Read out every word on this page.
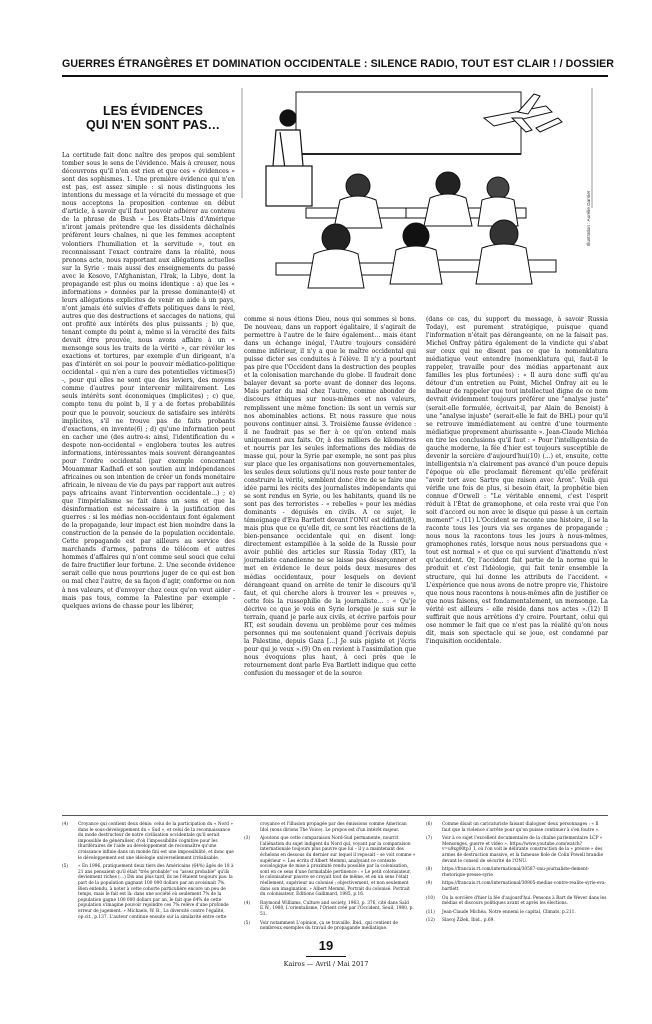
GUERRES ÉTRANGÈRES ET DOMINATION OCCIDENTALE : SILENCE RADIO, TOUT EST CLAIR ! / DOSSIER
LES ÉVIDENCES
QUI N'EN SONT PAS…
Illustration : Aurélie Garnier

La certitude fait donc naître des propos qui semblent tomber sous le sens de l'évidence. Mais à creuser, nous découvrons qu'il n'en est rien et que ces « évidences » sont des sophismes. 1. Une première évidence qui n'en est pas, est assez simple : si nous distinguons les intentions du message et la véracité du message et que nous acceptons la proposition contenue en début d'article, à savoir qu'il faut pouvoir adhérer au contenu de la phrase de Bush « Les États-Unis d'Amérique n'iront jamais prétendre que les dissidents déchaînés préfèrent leurs chaînes, ni que les femmes acceptent volontiers l'humiliation et la servitude », tout en reconnaissant l'exact contraire dans la réalité, nous prenons acte, nous rapportant aux allégations actuelles sur la Syrie - mais aussi des enseignements du passé avec le Kosovo, l'Afghanistan, l'Irak, la Libye, dont la propagande est plus ou moins identique : a) que les « informations » données par la presse dominante(4) et leurs allégations explicites de venir en aide à un pays, n'ont jamais été suivies d'effets politiques dans le réel, autres que des destructions et saccages de nations, qui ont profité aux intérêts des plus puissants ; b) que, tenant compte du point a, même si la véracité des faits devait être prouvée, nous avons affaire à un « mensonge sous les traits de la vérité », car révéler les exactions et tortures, par exemple d'un dirigeant, n'a pas d'intérêt en soi pour le pouvoir médiatico-politique occidental - qui n'en a cure des potentielles victimes(5) -, pour qui elles ne sont que des leviers, des moyens comme d'autres pour intervenir militairement. Les seuls intérêts sont économiques (implicites) ; c) que, compte tenu du point b, il y a de fortes probabilités pour que le pouvoir, soucieux de satisfaire ses intérêts implicites, s'il ne trouve pas de faits probants d'exactions, en invente(6) ; d) qu'une information peut en cacher une (des autre-s: ainsi, l'identification du « despote non-occidental » englobera toutes les autres informations, intéressantes mais souvent dérangeantes pour l'ordre occidental (par exemple concernant Mouammar Kadhafi et son soutien aux indépendances africaines ou son intention de créer un fonds monétaire africain, le niveau de vie du pays par rapport aux autres pays africains avant l'intervention occidentale...) ; e) que l'impérialisme se fait dans un sens et que la désinformation est nécessaire à la justification des guerres : si les médias non-occidentaux font également de la propagande, leur impact est bien moindre dans la construction de la pensée de la population occidentale. Cette propagande est par ailleurs au service des marchands d'armes, patrons de télécom et autres hommes d'affaires qui n'ont comme seul souci que celui de faire fructifier leur fortune. 2. Une seconde évidence serait celle que nous pourrions juger de ce qui est bon ou mal chez l'autre, de sa façon d'agir, conforme ou non à nos valeurs, et d'envoyer chez ceux qu'on veut aider - mais pas tous, comme la Palestine par exemple - quelques avions de chasse pour les libérer,

comme si nous étions Dieu, nous qui sommes si bons. De nouveau, dans un rapport égalitaire, il s'agirait de permettre à l'autre de le faire également… mais étant dans un échange inégal, l'Autre toujours considéré comme inférieur, il n'y a que le maître occidental qui puisse dicter ses conduites à l'élève. Il n'y a pourtant pas pire que l'Occident dans la destruction des peuples et la colonisation marchande du globe. Il faudrait donc balayer devant sa porte avant de donner des leçons. Mais parler du mal chez l'autre, comme abonder de discours éthiques sur nous-mêmes et nos valeurs, remplissent une même fonction: ils sont un vernis sur nos abominables actions. Et nous rassure que nous pouvons continuer ainsi. 3. Troisième fausse évidence : il ne faudrait pas se fier à ce qu'on entend mais uniquement aux faits. Or, à des milliers de kilomètres et nourris par les seules informations des médias de masse qui, pour la Syrie par exemple, ne sont pas plus sur place que les organisations non gouvernementales, les seules deux solutions qu'il nous reste pour tenter de construire la vérité, semblent donc être de se faire une idée parmi les récits des journalistes indépendants qui se sont rendus en Syrie, ou les habitants, quand ils ne sont pas des terroristes - « rebelles » pour les médias dominants - déguisés en civils. A ce sujet, le témoignage d'Eva Bartlett devant l'ONU est édifiant(8), mais plus que ce qu'elle dit, ce sont les réactions de la bien-pensance occidentale qui en disent long: directement estampillée à la solde de la Russie pour avoir publié des articles sur Russia Today (RT), la journaliste canadienne ne se laisse pas désarçonner et met en évidence le deux poids deux mesures des médias occidentaux, pour lesquels on devient dérangeant quand on arrête de tenir le discours qu'il faut, et qui cherche alors à trouver les « preuves », cette fois la russophilie de la journaliste… : « Qu'je décrive ce que je vois en Syrie lorsque je suis sur le terrain, quand je parle aux civils, et écrive parfois pour RT, est soudain devenu un problème pour ces mêmes personnes qui me soutenaient quand j'écrivais depuis la Palestine, depuis Gaza [...] Je suis pigiste et j'écris pour qui je veux ».(9) On en revient à l'assimilation que nous évoquions plus haut, à ceci près que le retournement dont parle Eva Bartlett indique que cette confusion du messager et de la source

(dans ce cas, du support du message, à savoir Russia Today), est purement stratégique, puisque quand l'information n'était pas dérangeante, on ne la faisait pas. Michel Onfray pâtira également de la vindicte qui s'abat sur ceux qui ne disent pas ce que la nomenklatura médiatique veut entendre (nomenklatura qui, faut-il le rappeler, travaille pour des médias appartenant aux familles les plus fortunées) : « Il aura donc suffi qu'au détour d'un entretien au Point, Michel Onfray ait eu le malheur de rappeler que tout intellectuel digne de ce nom devrait évidemment toujours préférer une "analyse juste" (serait-elle formulée, écrivait-il, par Alain de Benoist) à une "analyse injuste" (serait-elle le fait de BHL) pour qu'il se retrouve immédiatement au centre d'une tourmente médiatique proprement ahurissante ». Jean-Claude Michéa en tire les conclusions qu'il faut : « Pour l'intelligentsia de gauche moderne, la fée d'hier est toujours susceptible de devenir la sorcière d'aujourd'hui(10) (...) et, ensuite, cette intelligentsia n'a clairement pas avancé d'un pouce depuis l'époque où elle proclamait fièrement qu'elle préférait "avoir tort avec Sartre que raison avec Aron". Voilà qui vérifie une fois de plus, si besoin était, la prophétie bien connue d'Orwell : "Le véritable ennemi, c'est l'esprit réduit à l'État de gramophone, et cela reste vrai que l'on soit d'accord ou non avec le disque qui passe à un certain moment" ».(11) L'Occident se raconte une histoire, il se la raconte tous les jours via ses organes de propagande ; nous nous la racontons tous les jours à nous-mêmes, gramophones ratés, lorsque nous nous persuadons que « tout est normal » et que ce qui survient d'inattendu n'est qu'accident. Or, l'accident fait partie de la norme qui le produit et c'est l'idéologie, qui fait tenir ensemble la structure, qui lui donne les attributs de l'accident. « L'expérience que nous avons de notre propre vie, l'histoire que nous nous racontons à nous-mêmes afin de justifier ce que nous faisons, est fondamentalement, un mensonge. La vérité est ailleurs - elle réside dans nos actes ».(12) Il suffirait que nous arrêtions d'y croire. Pourtant, celui qui ose nommer le fait que ce n'est pas la réalité qu'on nous dit, mais son spectacle qui se joue, est condamné par l'inquisition occidentale.

(4)	Croyance qui contient deux dénis: celui de la participation du « Nord » dans le sous-développement du « Sud », et celui de la reconnaissance du mode destructeur de notre civilisation occidentale qu'il serait impossible de généraliser, d'où l'impossibilité cognitive pour les thuriféraires de l'aide au développement de reconnaître qu'une croissance infinie dans un monde fini est une impossibilité, et donc que le développement est une idéologie universellement irréalisable.
(5)	« En 1996, pratiquement deux tiers des Américains (64%) âgés de 18 à 21 ans pensaient qu'il était "très probable" ou "assez probable" qu'ils deviennent riches (...) Dix ans plus tard, ils ne l'étaient toujours pas: la part de la population gagnant 100 000 dollars par an avoisinait 7%. Bien entendu, à noter à cette cohorte particulière encore un peu de temps, mais le fait est là: dans une société où seulement 7% de la population gagne 100 000 dollars par an, le fait que 64% de cette population s'imagine pouvoir rejoindre ces 7% relève d'une profonde erreur de jugement. » Michaels, W. B., La diversité contre l'égalité, op.cit., p.137. L'auteur continue ensuite sur la similarité entre cette
croyance et l'illusion propagée par des émissions comme American Idol (nous dirions The Voice). Le propos est d'un intérêt majeur.
(3)	Ajoutons que cette comparaison Nord-Sud permanente, nourrit l'aliénation du sujet indigent du Nord qui, voyant par la comparaison internationale toujours plus pauvre que lui – il y a maintenant des échelons en dessous du dernier sur lequel il reposait – se voit comme « supérieur ». Les écrits d'Albert Memmi, analysant ce contexte sociologique de mise à proximité rendu possible par la colonisation, sont en ce sens d'une formidable pertinence : « Le petit colonisateur, le colonisateur pauvre se croyait tout de même, et en un sens l'était réellement, supérieur au colonisé ; objectivement, et non seulement dans son imagination. » Albert Memmi, Portrait du colonisé. Portrait du colonisateur, Éditions Gallimard, 1985, p.16.
(4)	Raymond Williams, Culture and society, 1963, p. 376, cité dans Saïd E.W., 1980, L'orientalisme, l'Orient créé par l'Occident, Seuil, 1980, p. 51.
(5)	Voir notamment L'opinion, ça se travaille, Ibid., qui contient de nombreux exemples du travail de propagande médiatique.
(6)	Comme disait un caricaturiste faisant dialoguer deux personnages : « Il faut que la violence s'arrête pour qu'on puisse continuer à s'en foutre ».
(7)	Voir à ce sujet l'excellent documentaire de la chaîne parlementaire LCP « Mensonges, guerre et vidéo », https://www.youtube.com/watch?v=u9xg00tp3_I, où l'on voit le délirante construction de la « preuve » des armes de destruction massive, et la fameuse fiole de Colin Powell brandie devant le conseil de sécurité de l'ONU.
(8)	https://francais.rt.com/international/30587-onu-journaliste-dement-rhetorique-presse-syrie
(9)	https://francais.rt.com/international/30905-medias-contre-realite-syrie-eva-bartlett
(10)	Ou la sorcière d'hier la fée d'aujourd'hui. Pensons à Bart de Wever dans les médias et discours politiques avant et après les élections.
(11)	Jean-Claude Michéa, Notre ennemi le capital, Climats, p.211.
(12)	Slavoj Žižek, Ibid., p.69.
19
Kairos — Avril / Mai 2017
